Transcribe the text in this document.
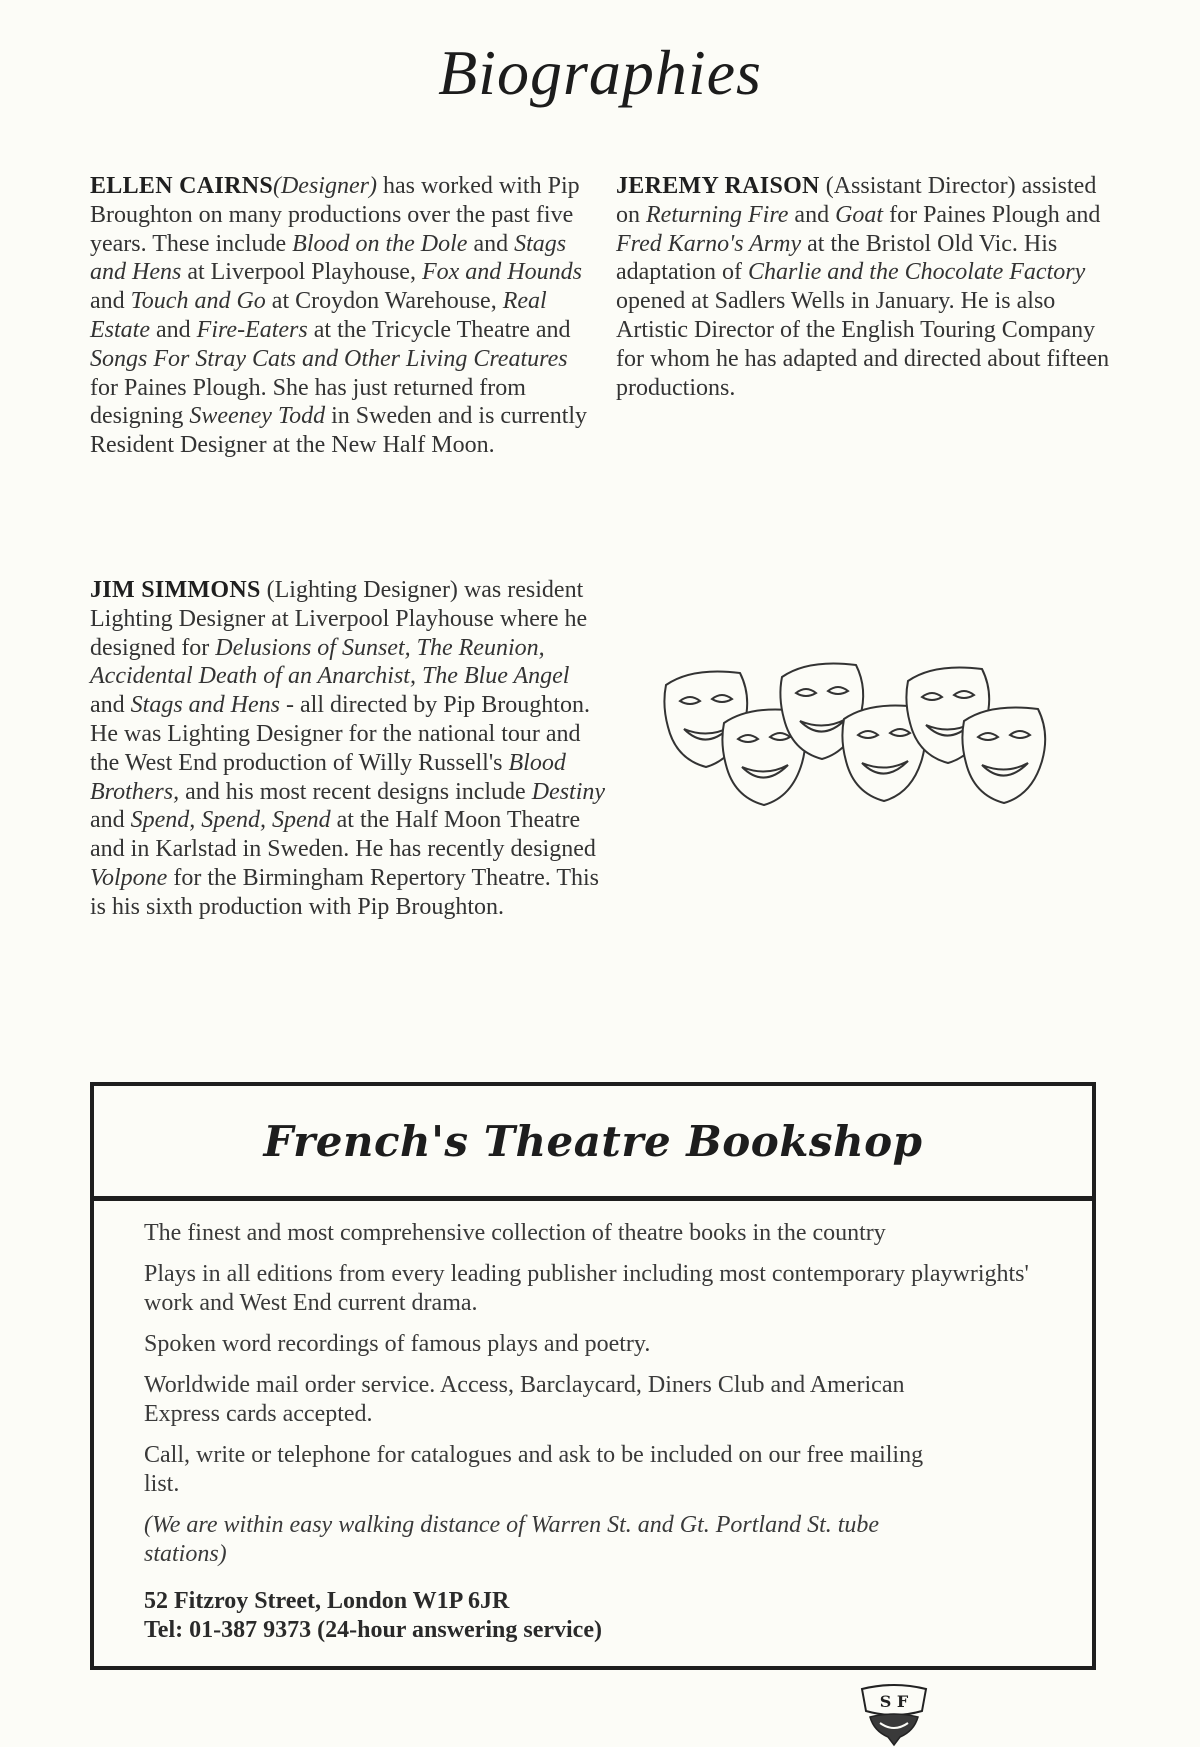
Biographies
ELLEN CAIRNS(Designer) has worked with Pip Broughton on many productions over the past five years. These include Blood on the Dole and Stags and Hens at Liverpool Playhouse, Fox and Hounds and Touch and Go at Croydon Warehouse, Real Estate and Fire-Eaters at the Tricycle Theatre and Songs For Stray Cats and Other Living Creatures for Paines Plough. She has just returned from designing Sweeney Todd in Sweden and is currently Resident Designer at the New Half Moon.
JEREMY RAISON (Assistant Director) assisted on Returning Fire and Goat for Paines Plough and Fred Karno's Army at the Bristol Old Vic. His adaptation of Charlie and the Chocolate Factory opened at Sadlers Wells in January. He is also Artistic Director of the English Touring Company for whom he has adapted and directed about fifteen productions.
JIM SIMMONS (Lighting Designer) was resident Lighting Designer at Liverpool Playhouse where he designed for Delusions of Sunset, The Reunion, Accidental Death of an Anarchist, The Blue Angel and Stags and Hens - all directed by Pip Broughton. He was Lighting Designer for the national tour and the West End production of Willy Russell's Blood Brothers, and his most recent designs include Destiny and Spend, Spend, Spend at the Half Moon Theatre and in Karlstad in Sweden. He has recently designed Volpone for the Birmingham Repertory Theatre. This is his sixth production with Pip Broughton.
French's Theatre Bookshop

The finest and most comprehensive collection of theatre books in the country

Plays in all editions from every leading publisher including most contemporary playwrights' work and West End current drama.

Spoken word recordings of famous plays and poetry.

Worldwide mail order service. Access, Barclaycard, Diners Club and American Express cards accepted.

Call, write or telephone for catalogues and ask to be included on our free mailing list.

(We are within easy walking distance of Warren St. and Gt. Portland St. tube stations)

52 Fitzroy Street, London W1P 6JR
Tel: 01-387 9373 (24-hour answering service)
S F
